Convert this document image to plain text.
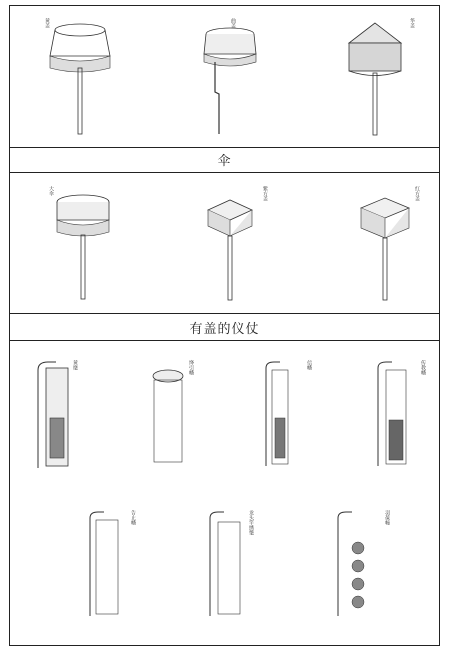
黄盖	曲盖	华盖
伞
大伞	紫方盖	红方盖
有盖的仪仗
黄麾	绛引幡	信幡	传教幡
告止幡	龙头竿绣氅	羽葆幢
